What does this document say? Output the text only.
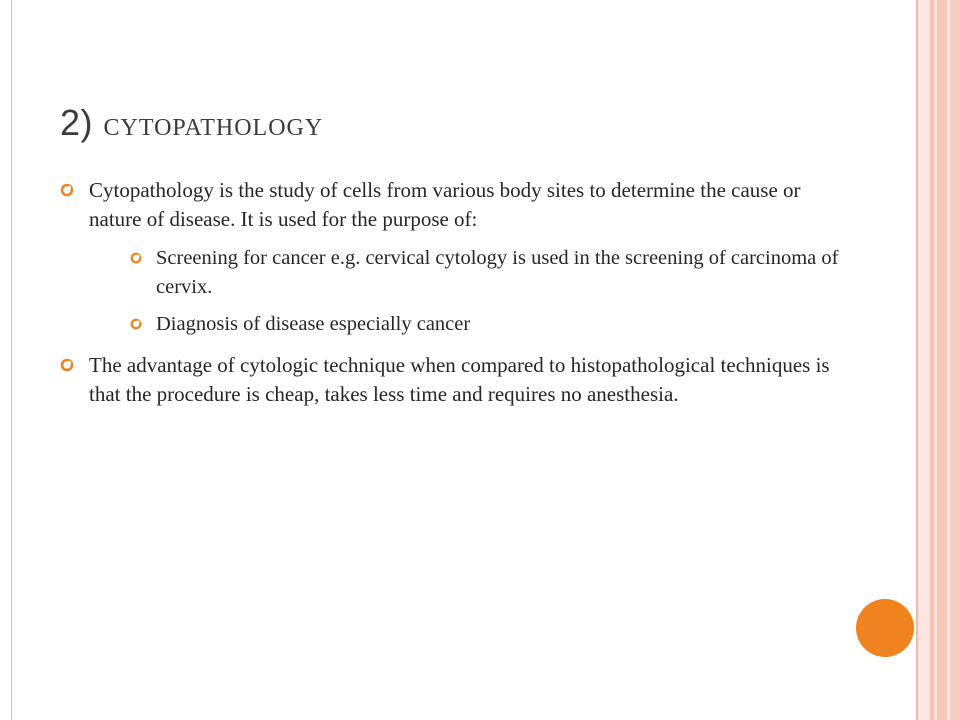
2) cytopathology
Cytopathology is the study of cells from various body sites to determine the cause or nature of disease. It is used for the purpose of:
Screening for cancer e.g. cervical cytology is used in the screening of carcinoma of cervix.
Diagnosis of disease especially cancer
The advantage of cytologic technique when compared to histopathological techniques is that the procedure is cheap, takes less time and requires no anesthesia.
